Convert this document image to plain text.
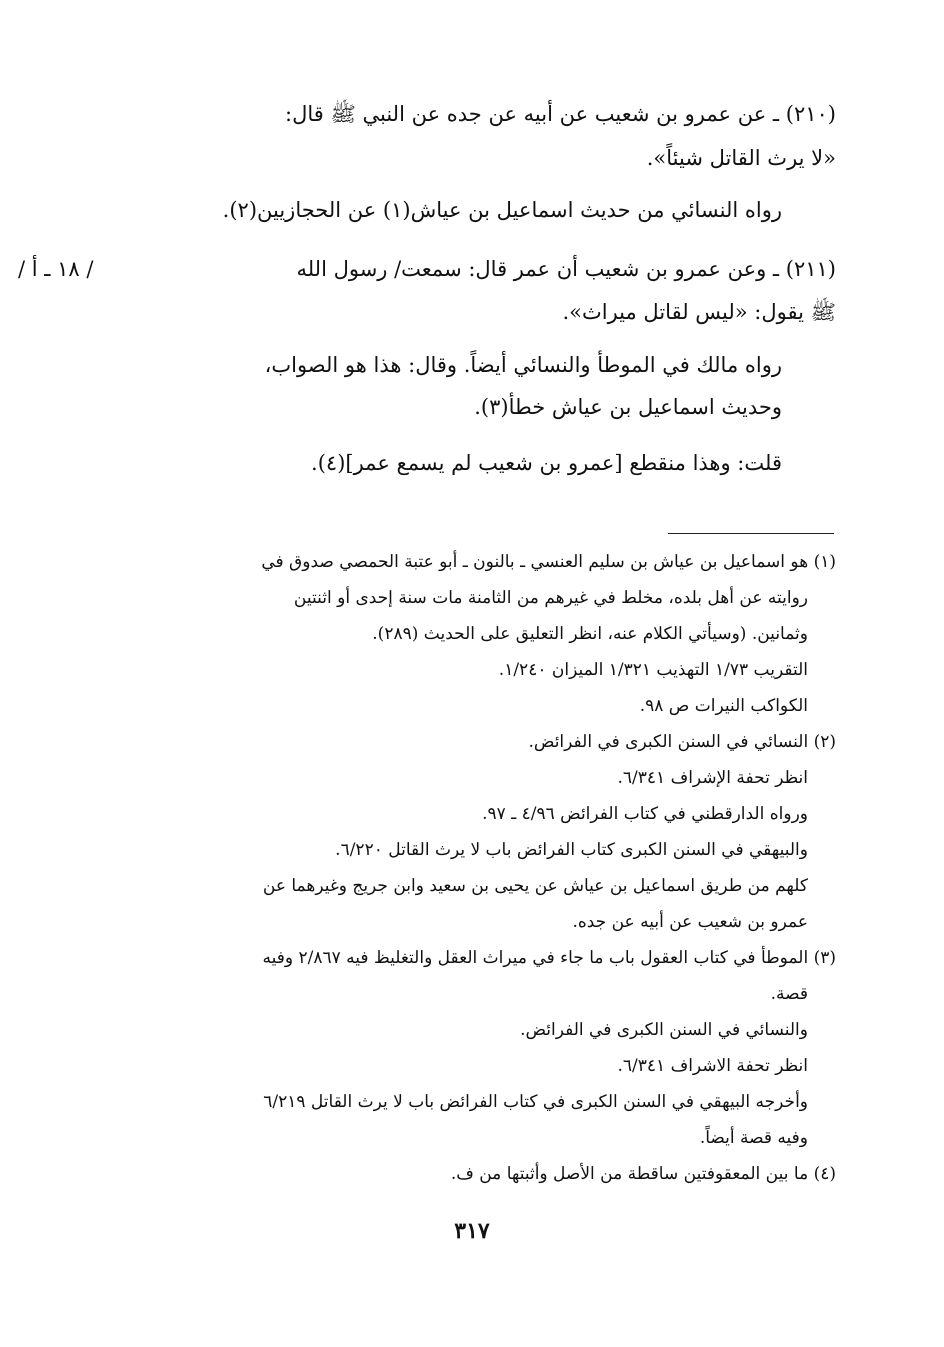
(٢١٠) ـ عن عمرو بن شعيب عن أبيه عن جده عن النبي ﷺ قال:
«لا يرث القاتل شيئاً».
رواه النسائي من حديث اسماعيل بن عياش(١) عن الحجازيين(٢).
(٢١١) ـ وعن عمرو بن شعيب أن عمر قال: سمعت/ رسول الله
/ ١٨ ـ أ /
ﷺ يقول: «ليس لقاتل ميراث».
رواه مالك في الموطأ والنسائي أيضاً. وقال: هذا هو الصواب،
وحديث اسماعيل بن عياش خطأ(٣).
قلت: وهذا منقطع [عمرو بن شعيب لم يسمع عمر](٤).
(١) هو اسماعيل بن عياش بن سليم العنسي ـ بالنون ـ أبو عتبة الحمصي صدوق في
روايته عن أهل بلده، مخلط في غيرهم من الثامنة مات سنة إحدى أو اثنتين
وثمانين. (وسيأتي الكلام عنه، انظر التعليق على الحديث (٢٨٩).
التقريب ١/٧٣ التهذيب ١/٣٢١ الميزان ١/٢٤٠.
الكواكب النيرات ص ٩٨.
(٢) النسائي في السنن الكبرى في الفرائض.
انظر تحفة الإشراف ٦/٣٤١.
ورواه الدارقطني في كتاب الفرائض ٤/٩٦ ـ ٩٧.
والبيهقي في السنن الكبرى كتاب الفرائض باب لا يرث القاتل ٦/٢٢٠.
كلهم من طريق اسماعيل بن عياش عن يحيى بن سعيد وابن جريج وغيرهما عن
عمرو بن شعيب عن أبيه عن جده.
(٣) الموطأ في كتاب العقول باب ما جاء في ميراث العقل والتغليظ فيه ٢/٨٦٧ وفيه
قصة.
والنسائي في السنن الكبرى في الفرائض.
انظر تحفة الاشراف ٦/٣٤١.
وأخرجه البيهقي في السنن الكبرى في كتاب الفرائض باب لا يرث القاتل ٦/٢١٩
وفيه قصة أيضاً.
(٤) ما بين المعقوفتين ساقطة من الأصل وأثبتها من ف.
٣١٧
